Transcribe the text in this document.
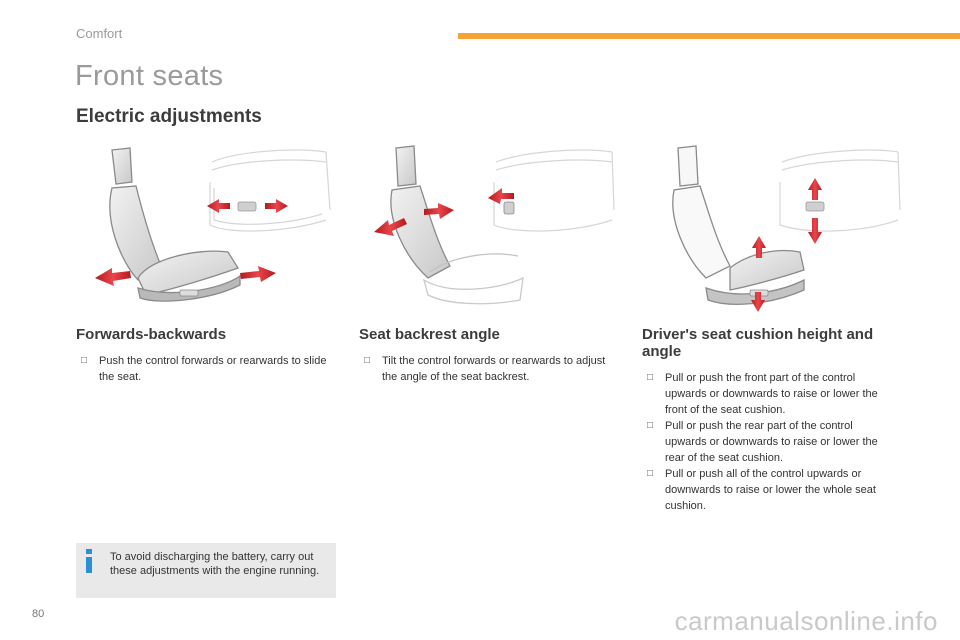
Comfort
Front seats
Electric adjustments
Forwards-backwards
□ Push the control forwards or rearwards to slide the seat.
Seat backrest angle
□ Tilt the control forwards or rearwards to adjust the angle of the seat backrest.
Driver's seat cushion height and angle
□ Pull or push the front part of the control upwards or downwards to raise or lower the front of the seat cushion.
□ Pull or push the rear part of the control upwards or downwards to raise or lower the rear of the seat cushion.
□ Pull or push all of the control upwards or downwards to raise or lower the whole seat cushion.
To avoid discharging the battery, carry out these adjustments with the engine running.
80	carmanualsonline.info
